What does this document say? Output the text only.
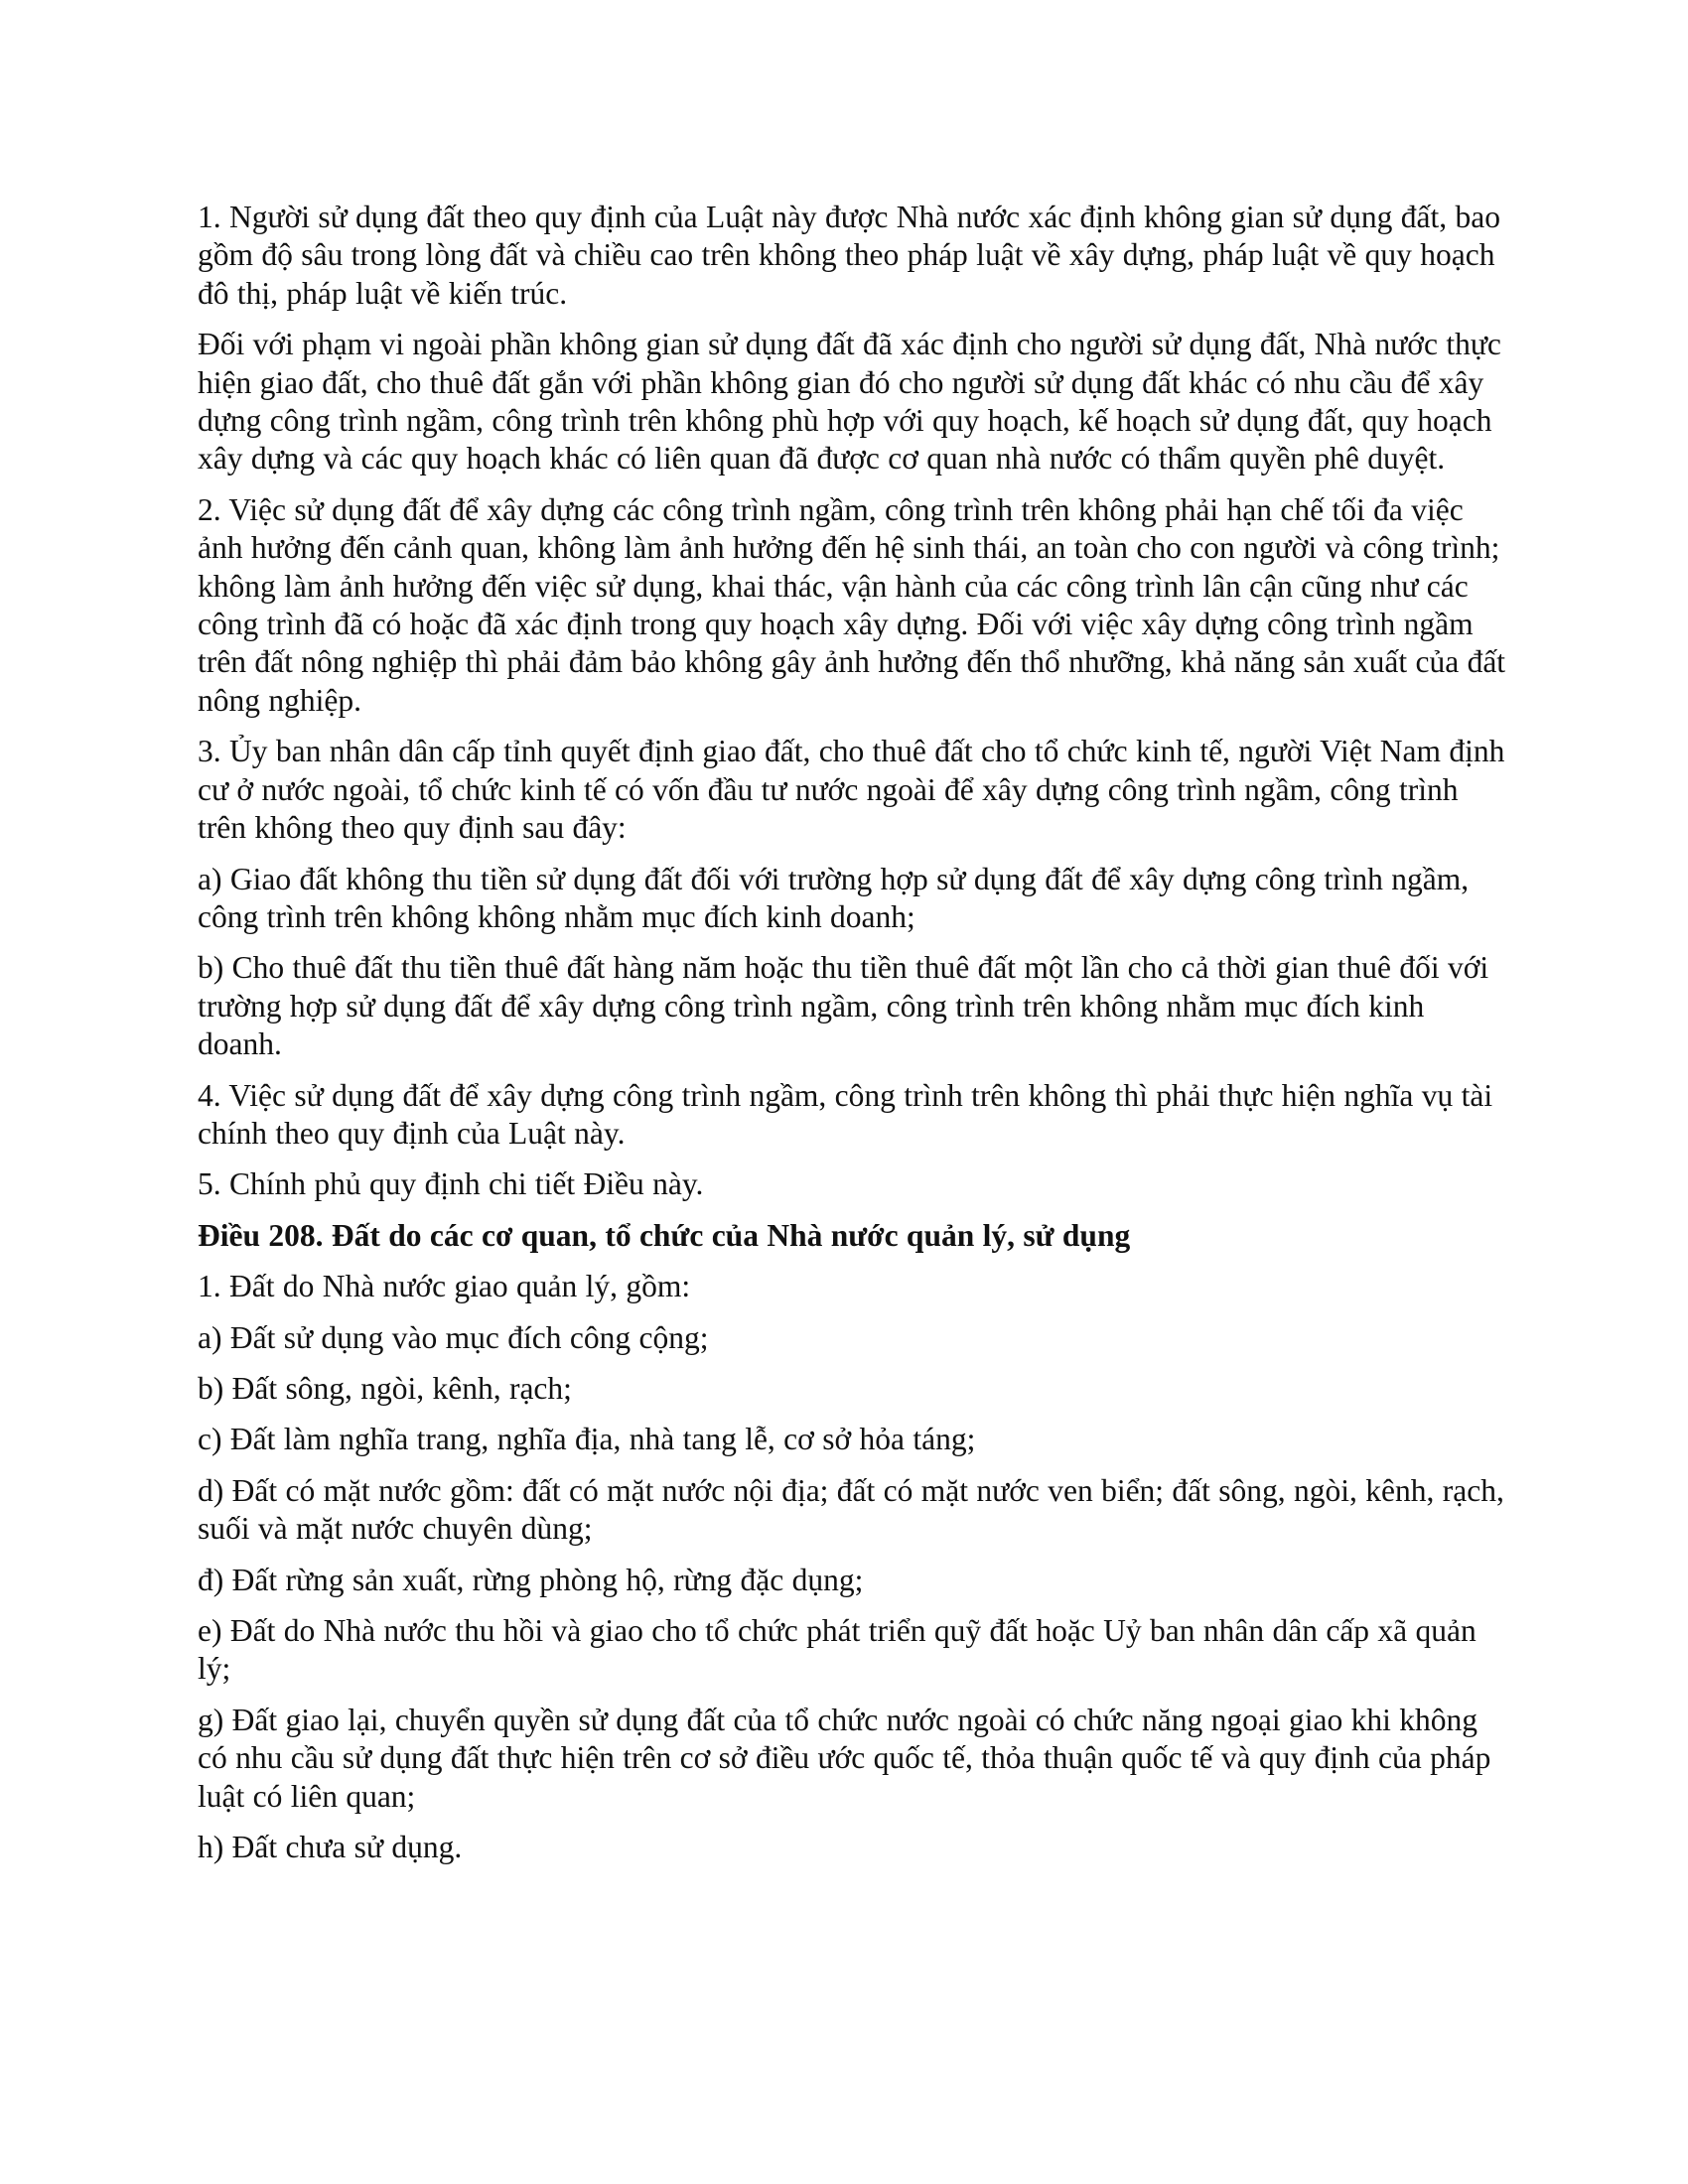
1. Người sử dụng đất theo quy định của Luật này được Nhà nước xác định không gian sử dụng đất, bao gồm độ sâu trong lòng đất và chiều cao trên không theo pháp luật về xây dựng, pháp luật về quy hoạch đô thị, pháp luật về kiến trúc.

Đối với phạm vi ngoài phần không gian sử dụng đất đã xác định cho người sử dụng đất, Nhà nước thực hiện giao đất, cho thuê đất gắn với phần không gian đó cho người sử dụng đất khác có nhu cầu để xây dựng công trình ngầm, công trình trên không phù hợp với quy hoạch, kế hoạch sử dụng đất, quy hoạch xây dựng và các quy hoạch khác có liên quan đã được cơ quan nhà nước có thẩm quyền phê duyệt.

2. Việc sử dụng đất để xây dựng các công trình ngầm, công trình trên không phải hạn chế tối đa việc ảnh hưởng đến cảnh quan, không làm ảnh hưởng đến hệ sinh thái, an toàn cho con người và công trình; không làm ảnh hưởng đến việc sử dụng, khai thác, vận hành của các công trình lân cận cũng như các công trình đã có hoặc đã xác định trong quy hoạch xây dựng. Đối với việc xây dựng công trình ngầm trên đất nông nghiệp thì phải đảm bảo không gây ảnh hưởng đến thổ nhưỡng, khả năng sản xuất của đất nông nghiệp.

3. Ủy ban nhân dân cấp tỉnh quyết định giao đất, cho thuê đất cho tổ chức kinh tế, người Việt Nam định cư ở nước ngoài, tổ chức kinh tế có vốn đầu tư nước ngoài để xây dựng công trình ngầm, công trình trên không theo quy định sau đây:

a) Giao đất không thu tiền sử dụng đất đối với trường hợp sử dụng đất để xây dựng công trình ngầm, công trình trên không không nhằm mục đích kinh doanh;

b) Cho thuê đất thu tiền thuê đất hàng năm hoặc thu tiền thuê đất một lần cho cả thời gian thuê đối với trường hợp sử dụng đất để xây dựng công trình ngầm, công trình trên không nhằm mục đích kinh doanh.

4. Việc sử dụng đất để xây dựng công trình ngầm, công trình trên không thì phải thực hiện nghĩa vụ tài chính theo quy định của Luật này.

5. Chính phủ quy định chi tiết Điều này.

Điều 208. Đất do các cơ quan, tổ chức của Nhà nước quản lý, sử dụng

1. Đất do Nhà nước giao quản lý, gồm:

a) Đất sử dụng vào mục đích công cộng;

b) Đất sông, ngòi, kênh, rạch;

c) Đất làm nghĩa trang, nghĩa địa, nhà tang lễ, cơ sở hỏa táng;

d) Đất có mặt nước gồm: đất có mặt nước nội địa; đất có mặt nước ven biển; đất sông, ngòi, kênh, rạch, suối và mặt nước chuyên dùng;

đ) Đất rừng sản xuất, rừng phòng hộ, rừng đặc dụng;

e) Đất do Nhà nước thu hồi và giao cho tổ chức phát triển quỹ đất hoặc Uỷ ban nhân dân cấp xã quản lý;

g) Đất giao lại, chuyển quyền sử dụng đất của tổ chức nước ngoài có chức năng ngoại giao khi không có nhu cầu sử dụng đất thực hiện trên cơ sở điều ước quốc tế, thỏa thuận quốc tế và quy định của pháp luật có liên quan;

h) Đất chưa sử dụng.
